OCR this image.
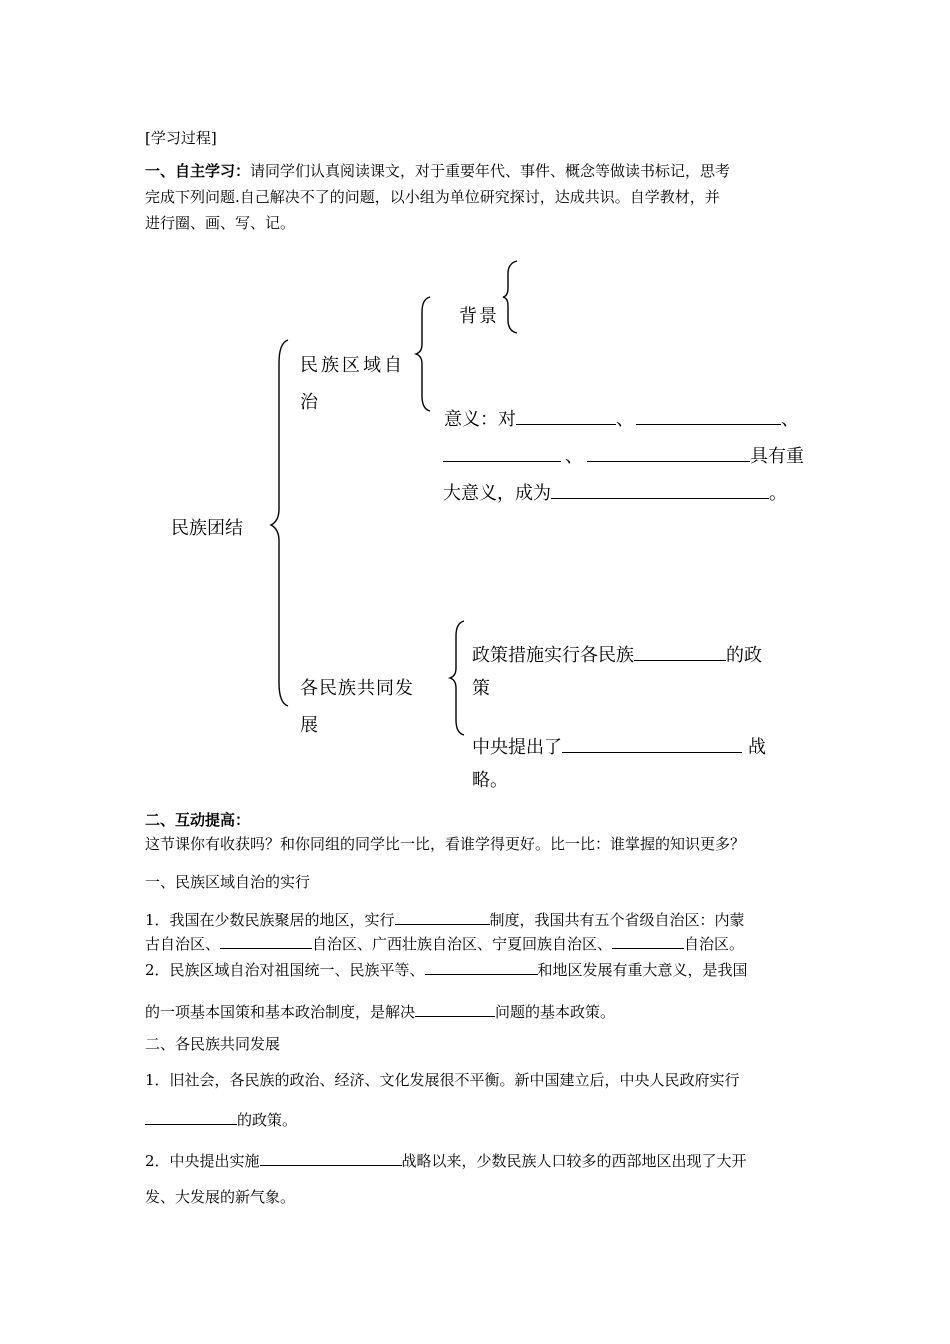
[学习过程]
一、自主学习：请同学们认真阅读课文，对于重要年代、事件、概念等做读书标记，思考
完成下列问题.自己解决不了的问题，以小组为单位研究探讨，达成共识。自学教材，并
进行圈、画、写、记。
民族团结
民族区域自
治
背景
意义：对	、	、
、	具有重
大意义，成为	。
各民族共同发
展
政策措施实行各民族	的政
策
中央提出了	战
略。
二、互动提高：
这节课你有收获吗？和你同组的同学比一比，看谁学得更好。比一比：谁掌握的知识更多？
一、民族区域自治的实行
1．我国在少数民族聚居的地区，实行	制度，我国共有五个省级自治区：内蒙
古自治区、	自治区、广西壮族自治区、宁夏回族自治区、	自治区。
2．民族区域自治对祖国统一、民族平等、	和地区发展有重大意义，是我国
的一项基本国策和基本政治制度，是解决	问题的基本政策。
二、各民族共同发展
1．旧社会，各民族的政治、经济、文化发展很不平衡。新中国建立后，中央人民政府实行
的政策。
2．中央提出实施	战略以来，少数民族人口较多的西部地区出现了大开
发、大发展的新气象。
